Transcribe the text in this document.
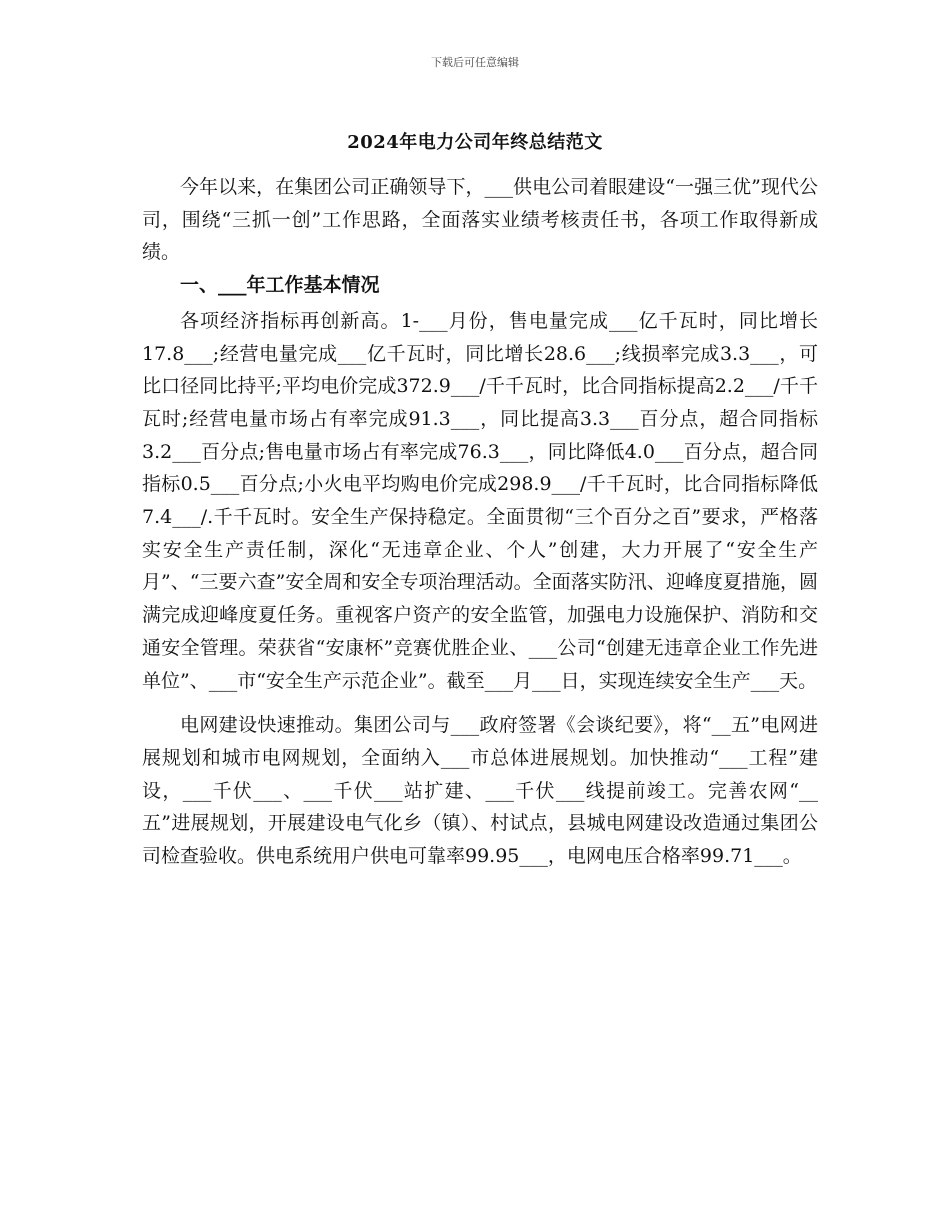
下载后可任意编辑
2024年电力公司年终总结范文

今年以来，在集团公司正确领导下，___供电公司着眼建设“一强三优”现代公司，围绕“三抓一创”工作思路，全面落实业绩考核责任书，各项工作取得新成绩。

一、___年工作基本情况

各项经济指标再创新高。1-___月份，售电量完成___亿千瓦时，同比增长17.8___;经营电量完成___亿千瓦时，同比增长28.6___;线损率完成3.3___，可比口径同比持平;平均电价完成372.9___/千千瓦时，比合同指标提高2.2___/千千瓦时;经营电量市场占有率完成91.3___，同比提高3.3___百分点，超合同指标3.2___百分点;售电量市场占有率完成76.3___，同比降低4.0___百分点，超合同指标0.5___百分点;小火电平均购电价完成298.9___/千千瓦时，比合同指标降低7.4___/.千千瓦时。安全生产保持稳定。全面贯彻“三个百分之百”要求，严格落实安全生产责任制，深化“无违章企业、个人”创建，大力开展了“安全生产月”、“三要六查”安全周和安全专项治理活动。全面落实防汛、迎峰度夏措施，圆满完成迎峰度夏任务。重视客户资产的安全监管，加强电力设施保护、消防和交通安全管理。荣获省“安康杯”竞赛优胜企业、___公司“创建无违章企业工作先进单位”、___市“安全生产示范企业”。截至___月___日，实现连续安全生产___天。

电网建设快速推动。集团公司与___政府签署《会谈纪要》，将“__五”电网进展规划和城市电网规划，全面纳入___市总体进展规划。加快推动“___工程”建设，___千伏___、___千伏___站扩建、___千伏___线提前竣工。完善农网“__五”进展规划，开展建设电气化乡（镇）、村试点，县城电网建设改造通过集团公司检查验收。供电系统用户供电可靠率99.95___，电网电压合格率99.71___。
